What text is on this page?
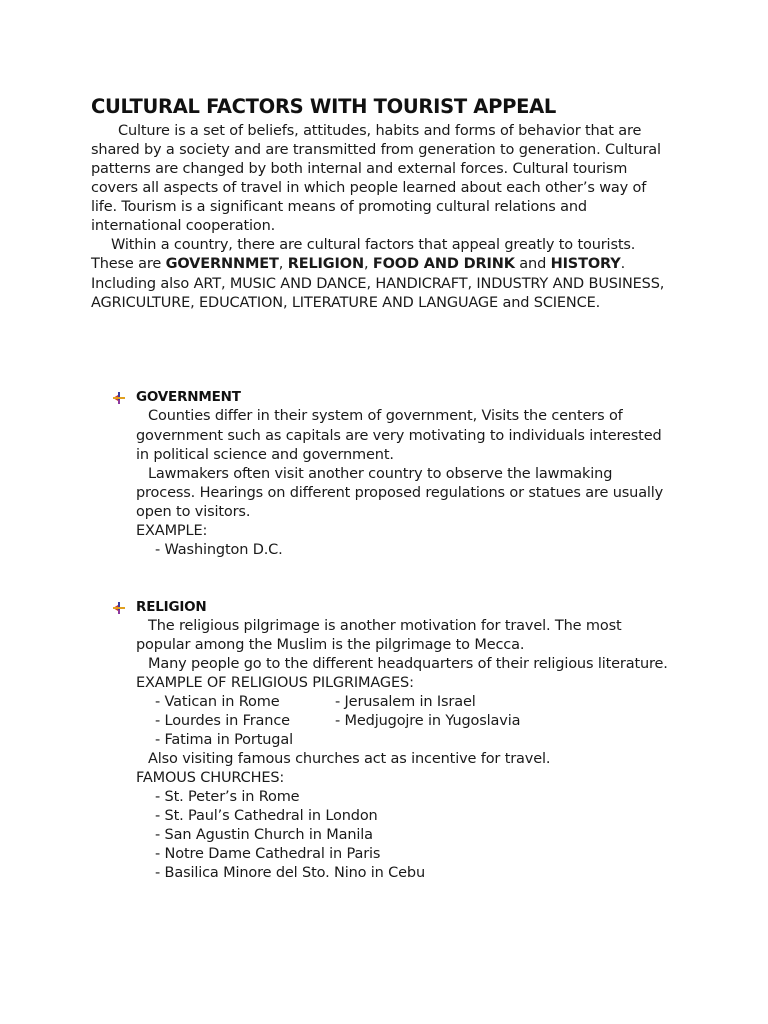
CULTURAL FACTORS WITH TOURIST APPEAL
Culture is a set of beliefs, attitudes, habits and forms of behavior that are
shared by a society and are transmitted from generation to generation. Cultural
patterns are changed by both internal and external forces. Cultural tourism
covers all aspects of travel in which people learned about each other’s way of
life. Tourism is a significant means of promoting cultural relations and
international cooperation.
Within a country, there are cultural factors that appeal greatly to tourists.
These are GOVERNNMET, RELIGION, FOOD AND DRINK and HISTORY.
Including also ART, MUSIC AND DANCE, HANDICRAFT, INDUSTRY AND BUSINESS,
AGRICULTURE, EDUCATION, LITERATURE AND LANGUAGE and SCIENCE.
GOVERNMENT
Counties differ in their system of government, Visits the centers of
government such as capitals are very motivating to individuals interested
in political science and government.
Lawmakers often visit another country to observe the lawmaking
process. Hearings on different proposed regulations or statues are usually
open to visitors.
EXAMPLE:
- Washington D.C.
RELIGION
The religious pilgrimage is another motivation for travel. The most
popular among the Muslim is the pilgrimage to Mecca.
Many people go to the different headquarters of their religious literature.
EXAMPLE OF RELIGIOUS PILGRIMAGES:
- Vatican in Rome	- Jerusalem in Israel
- Lourdes in France	- Medjugojre in Yugoslavia
- Fatima in Portugal
Also visiting famous churches act as incentive for travel.
FAMOUS CHURCHES:
- St. Peter’s in Rome
- St. Paul’s Cathedral in London
- San Agustin Church in Manila
- Notre Dame Cathedral in Paris
- Basilica Minore del Sto. Nino in Cebu
